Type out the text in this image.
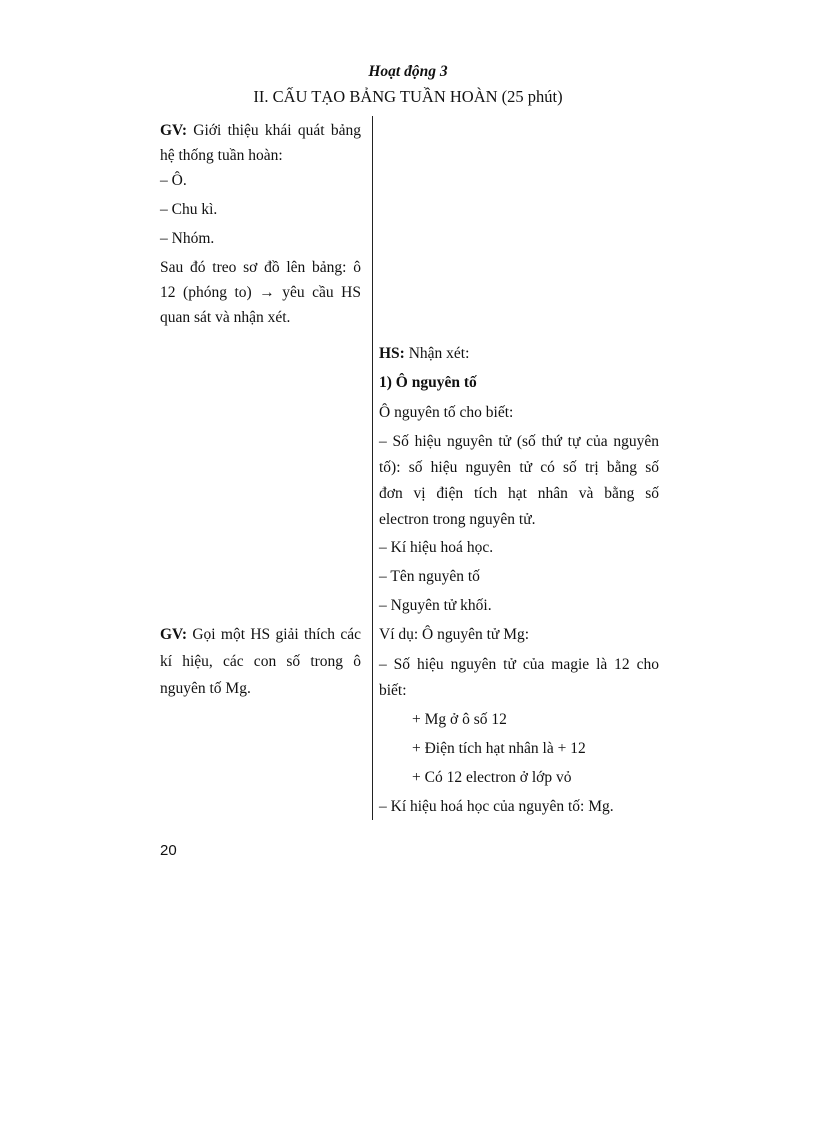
Hoạt động 3
II. CẤU TẠO BẢNG TUẦN HOÀN (25 phút)
GV: Giới thiệu khái quát bảng
hệ thống tuần hoàn:
– Ô.
– Chu kì.
– Nhóm.
Sau đó treo sơ đồ lên bảng: ô
12 (phóng to) → yêu cầu HS
quan sát và nhận xét.
GV: Gọi một HS giải thích các
kí hiệu, các con số trong ô
nguyên tố Mg.
HS: Nhận xét:
1) Ô nguyên tố
Ô nguyên tố cho biết:
– Số hiệu nguyên tử (số thứ tự của nguyên
tố): số hiệu nguyên tử có số trị bằng số
đơn vị điện tích hạt nhân và bằng số
electron trong nguyên tử.
– Kí hiệu hoá học.
– Tên nguyên tố
– Nguyên tử khối.
Ví dụ: Ô nguyên tử Mg:
– Số hiệu nguyên tử của magie là 12 cho
biết:
+ Mg ở ô số 12
+ Điện tích hạt nhân là + 12
+ Có 12 electron ở lớp vỏ
– Kí hiệu hoá học của nguyên tố: Mg.
20
